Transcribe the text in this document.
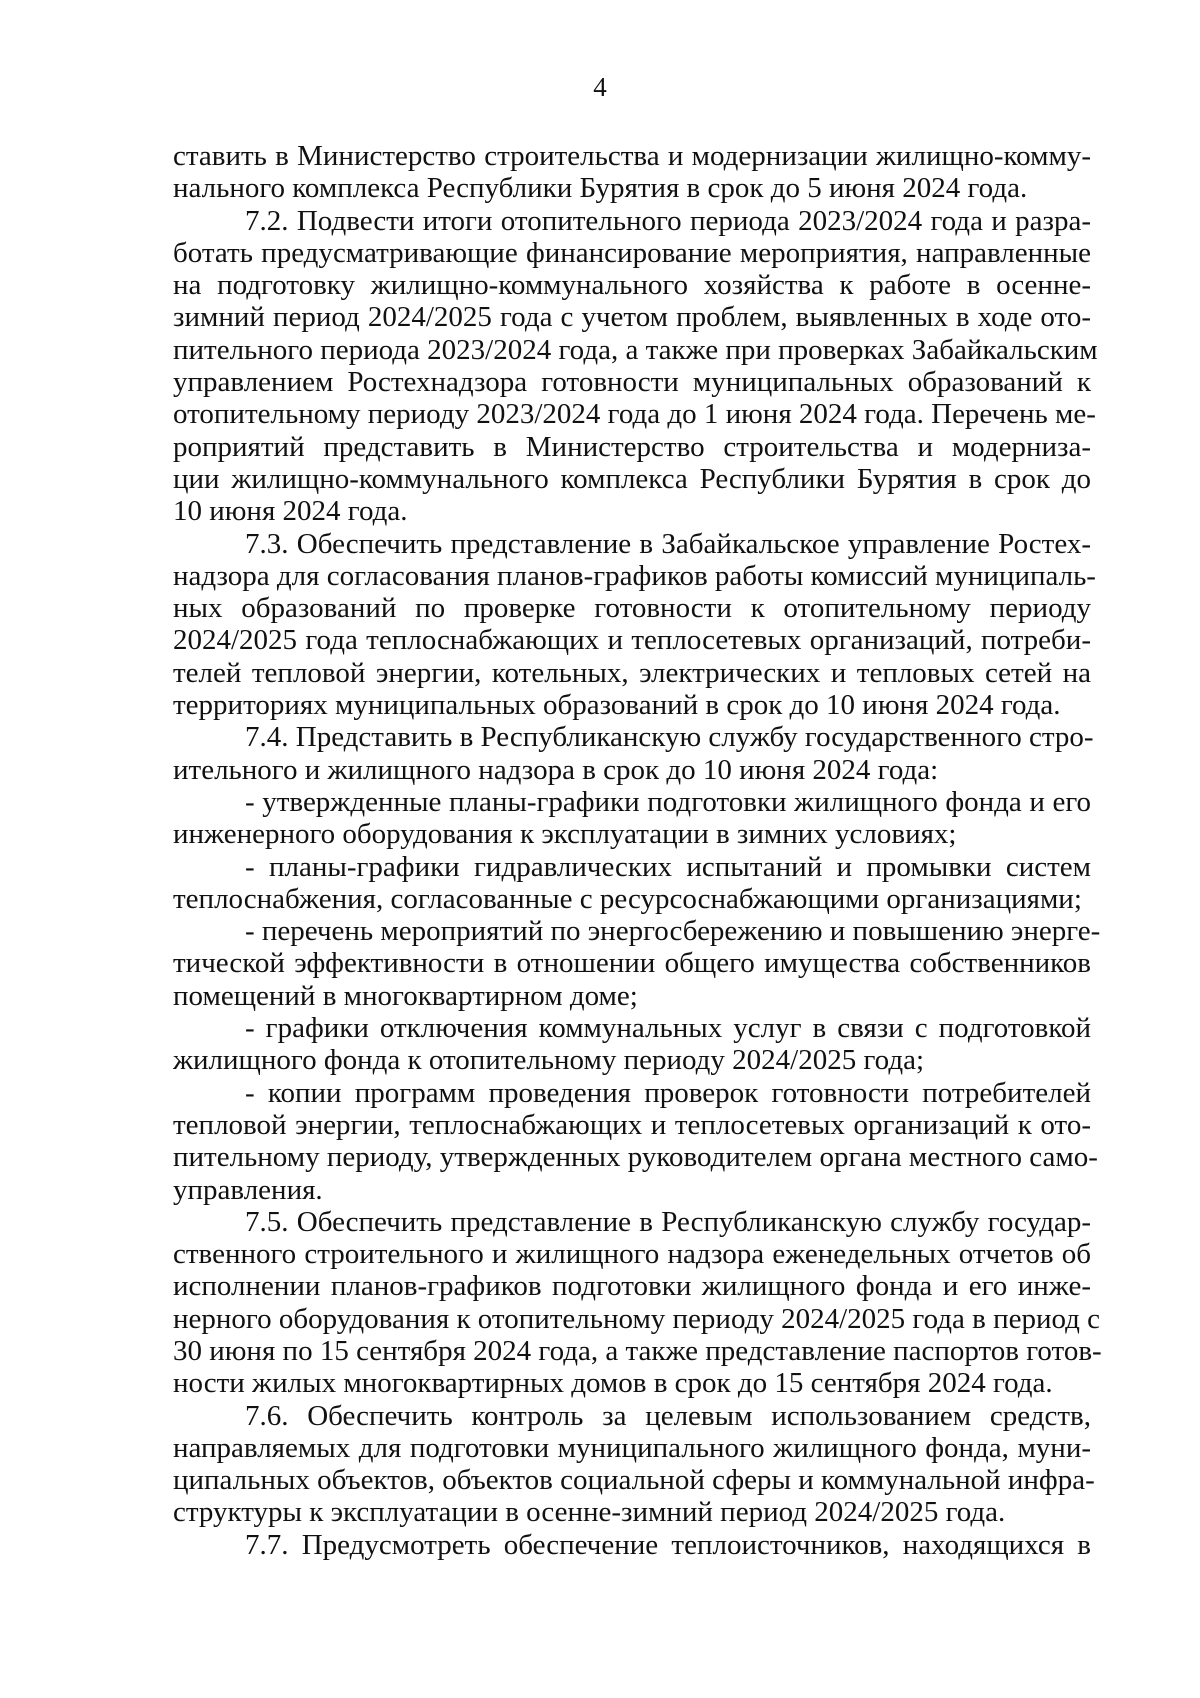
4
ставить в Министерство строительства и модернизации жилищно-комму-
нального комплекса Республики Бурятия в срок до 5 июня 2024 года.
7.2. Подвести итоги отопительного периода 2023/2024 года и разра-
ботать предусматривающие финансирование мероприятия, направленные
на подготовку жилищно-коммунального хозяйства к работе в осенне-
зимний период 2024/2025 года с учетом проблем, выявленных в ходе ото-
пительного периода 2023/2024 года, а также при проверках Забайкальским
управлением Ростехнадзора готовности муниципальных образований к
отопительному периоду 2023/2024 года до 1 июня 2024 года. Перечень ме-
роприятий представить в Министерство строительства и модерниза-
ции жилищно-коммунального комплекса Республики Бурятия в срок до
10 июня 2024 года.
7.3. Обеспечить представление в Забайкальское управление Ростех-
надзора для согласования планов-графиков работы комиссий муниципаль-
ных образований по проверке готовности к отопительному периоду
2024/2025 года теплоснабжающих и теплосетевых организаций, потреби-
телей тепловой энергии, котельных, электрических и тепловых сетей на
территориях муниципальных образований в срок до 10 июня 2024 года.
7.4. Представить в Республиканскую службу государственного стро-
ительного и жилищного надзора в срок до 10 июня 2024 года:
- утвержденные планы-графики подготовки жилищного фонда и его
инженерного оборудования к эксплуатации в зимних условиях;
- планы-графики гидравлических испытаний и промывки систем
теплоснабжения, согласованные с ресурсоснабжающими организациями;
- перечень мероприятий по энергосбережению и повышению энерге-
тической эффективности в отношении общего имущества собственников
помещений в многоквартирном доме;
- графики отключения коммунальных услуг в связи с подготовкой
жилищного фонда к отопительному периоду 2024/2025 года;
- копии программ проведения проверок готовности потребителей
тепловой энергии, теплоснабжающих и теплосетевых организаций к ото-
пительному периоду, утвержденных руководителем органа местного само-
управления.
7.5. Обеспечить представление в Республиканскую службу государ-
ственного строительного и жилищного надзора еженедельных отчетов об
исполнении планов-графиков подготовки жилищного фонда и его инже-
нерного оборудования к отопительному периоду 2024/2025 года в период с
30 июня по 15 сентября 2024 года, а также представление паспортов готов-
ности жилых многоквартирных домов в срок до 15 сентября 2024 года.
7.6. Обеспечить контроль за целевым использованием средств,
направляемых для подготовки муниципального жилищного фонда, муни-
ципальных объектов, объектов социальной сферы и коммунальной инфра-
структуры к эксплуатации в осенне-зимний период 2024/2025 года.
7.7. Предусмотреть обеспечение теплоисточников, находящихся в
